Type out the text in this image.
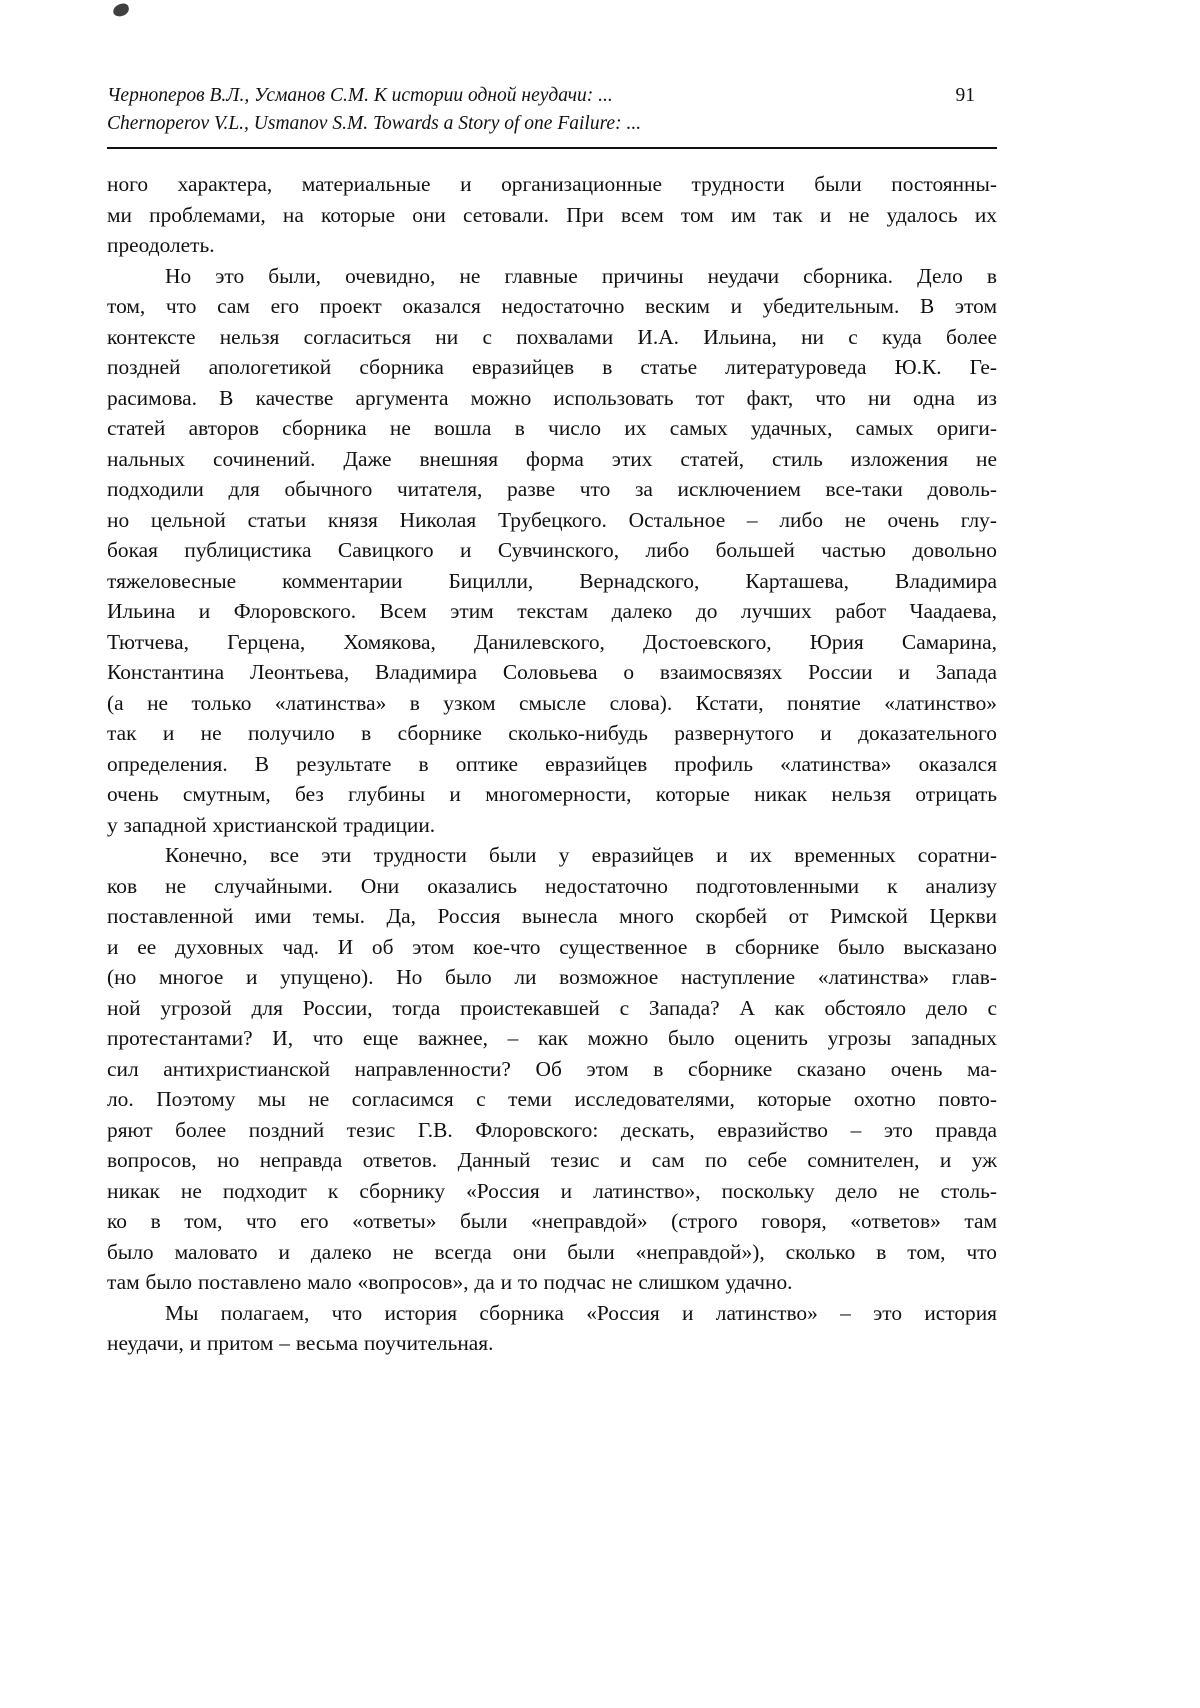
Черноперов В.Л., Усманов С.М. К истории одной неудачи: ...	91
Chernoperov V.L., Usmanov S.M. Towards a Story of one Failure: ...
ного характера, материальные и организационные трудности были постоянны-
ми проблемами, на которые они сетовали. При всем том им так и не удалось их
преодолеть.
Но это были, очевидно, не главные причины неудачи сборника. Дело в
том, что сам его проект оказался недостаточно веским и убедительным. В этом
контексте нельзя согласиться ни с похвалами И.А. Ильина, ни с куда более
поздней апологетикой сборника евразийцев в статье литературоведа Ю.К. Ге-
расимова. В качестве аргумента можно использовать тот факт, что ни одна из
статей авторов сборника не вошла в число их самых удачных, самых ориги-
нальных сочинений. Даже внешняя форма этих статей, стиль изложения не
подходили для обычного читателя, разве что за исключением все-таки доволь-
но цельной статьи князя Николая Трубецкого. Остальное – либо не очень глу-
бокая публицистика Савицкого и Сувчинского, либо большей частью довольно
тяжеловесные комментарии Бицилли, Вернадского, Карташева, Владимира
Ильина и Флоровского. Всем этим текстам далеко до лучших работ Чаадаева,
Тютчева, Герцена, Хомякова, Данилевского, Достоевского, Юрия Самарина,
Константина Леонтьева, Владимира Соловьева о взаимосвязях России и Запада
(а не только «латинства» в узком смысле слова). Кстати, понятие «латинство»
так и не получило в сборнике сколько-нибудь развернутого и доказательного
определения. В результате в оптике евразийцев профиль «латинства» оказался
очень смутным, без глубины и многомерности, которые никак нельзя отрицать
у западной христианской традиции.
Конечно, все эти трудности были у евразийцев и их временных соратни-
ков не случайными. Они оказались недостаточно подготовленными к анализу
поставленной ими темы. Да, Россия вынесла много скорбей от Римской Церкви
и ее духовных чад. И об этом кое-что существенное в сборнике было высказано
(но многое и упущено). Но было ли возможное наступление «латинства» глав-
ной угрозой для России, тогда проистекавшей с Запада? А как обстояло дело с
протестантами? И, что еще важнее, – как можно было оценить угрозы западных
сил антихристианской направленности? Об этом в сборнике сказано очень ма-
ло. Поэтому мы не согласимся с теми исследователями, которые охотно повто-
ряют более поздний тезис Г.В. Флоровского: дескать, евразийство – это правда
вопросов, но неправда ответов. Данный тезис и сам по себе сомнителен, и уж
никак не подходит к сборнику «Россия и латинство», поскольку дело не столь-
ко в том, что его «ответы» были «неправдой» (строго говоря, «ответов» там
было маловато и далеко не всегда они были «неправдой»), сколько в том, что
там было поставлено мало «вопросов», да и то подчас не слишком удачно.
Мы полагаем, что история сборника «Россия и латинство» – это история
неудачи, и притом – весьма поучительная.
